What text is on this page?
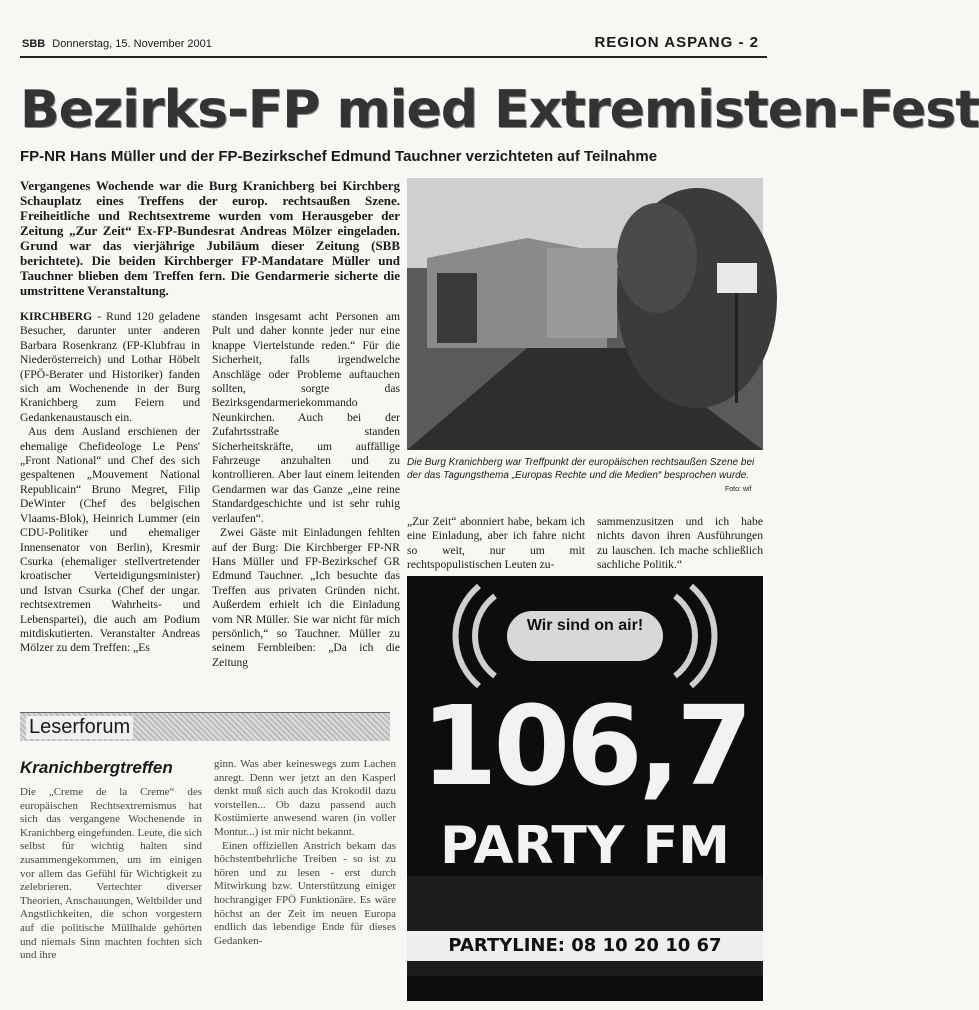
SBB Donnerstag, 15. November 2001	REGION ASPANG - 2
Bezirks-FP mied Extremisten-Fest
FP-NR Hans Müller und der FP-Bezirkschef Edmund Tauchner verzichteten auf Teilnahme
Vergangenes Wochende war die Burg Kranichberg bei Kirchberg Schauplatz eines Treffens der europ. rechtsaußen Szene. Freiheitliche und Rechtsextreme wurden vom Herausgeber der Zeitung „Zur Zeit“ Ex-FP-Bundesrat Andreas Mölzer eingeladen. Grund war das vierjährige Jubiläum dieser Zeitung (SBB berichtete). Die beiden Kirchberger FP-Mandatare Müller und Tauchner blieben dem Treffen fern. Die Gendarmerie sicherte die umstrittene Veranstaltung.

KIRCHBERG - Rund 120 geladene Besucher, darunter unter anderen Barbara Rosenkranz (FP-Klubfrau in Niederösterreich) und Lothar Höbelt (FPÖ-Berater und Historiker) fanden sich am Wochenende in der Burg Kranichberg zum Feiern und Gedankenaustausch ein.

Aus dem Ausland erschienen der ehemalige Chefideologe Le Pens' „Front National“ und Chef des sich gespaltenen „Mouvement National Republicain“ Bruno Megret, Filip DeWinter (Chef des belgischen Vlaams-Blok), Heinrich Lummer (ein CDU-Politiker und ehemaliger Innensenator von Berlin), Kresmir Csurka (ehemaliger stellvertretender kroatischer Verteidigungsminister) und Istvan Csurka (Chef der ungar. rechtsextremen Wahrheits- und Lebenspartei), die auch am Podium mitdiskutierten. Veranstalter Andreas Mölzer zu dem Treffen: „Es

standen insgesamt acht Personen am Pult und daher konnte jeder nur eine knappe Viertelstunde reden.“ Für die Sicherheit, falls irgendwelche Anschläge oder Probleme auftauchen sollten, sorgte das Bezirksgendarmeriekommando Neunkirchen. Auch bei der Zufahrtsstraße standen Sicherheitskräfte, um auffällige Fahrzeuge anzuhalten und zu kontrollieren. Aber laut einem leitenden Gendarmen war das Ganze „eine reine Standardgeschichte und ist sehr ruhig verlaufen“.

Zwei Gäste mit Einladungen fehlten auf der Burg: Die Kirchberger FP-NR Hans Müller und FP-Bezirkschef GR Edmund Tauchner. „Ich besuchte das Treffen aus privaten Gründen nicht. Außerdem erhielt ich die Einladung vom NR Müller. Sie war nicht für mich persönlich,“ so Tauchner. Müller zu seinem Fernbleiben: „Da ich die Zeitung

Die Burg Kranichberg war Treffpunkt der europäischen rechtsaußen Szene bei der das Tagungsthema „Europas Rechte und die Medien“ besprochen wurde.
Foto: wif
„Zur Zeit“ abonniert habe, bekam ich eine Einladung, aber ich fahre nicht so weit, nur um mit rechtspopulistischen Leuten zu-
sammenzusitzen und ich habe nichts davon ihren Ausführungen zu lauschen. Ich mache schließlich sachliche Politik.“
Wir sind on air!
106,7
PARTY FM
PARTYLINE: 08 10 20 10 67
Leserforum
Kranichbergtreffen
Die „Creme de la Creme“ des europäischen Rechtsextremismus hat sich das vergangene Wochenende in Kranichberg eingefunden. Leute, die sich selbst für wichtig halten sind zusammengekommen, um im einigen vor allem das Gefühl für Wichtigkeit zu zelebrieren. Vertechter diverser Theorien, Anschauungen, Weltbilder und Angstlichkeiten, die schon vorgestern auf die politische Müllhalde gehörten und niemals Sinn machten fochten sich und ihre

ginn. Was aber keineswegs zum Lachen anregt. Denn wer jetzt an den Kasperl denkt muß sich auch das Krokodil dazu vorstellen... Ob dazu passend auch Kostümierte anwesend waren (in voller Montur...) ist mir nicht bekannt.

Einen offiziellen Anstrich bekam das höchstentbehrliche Treiben - so ist zu hören und zu lesen - erst durch Mitwirkung bzw. Unterstützung einiger hochrangiger FPÖ Funktionäre. Es wäre höchst an der Zeit im neuen Europa endlich das lebendige Ende für dieses Gedanken-
